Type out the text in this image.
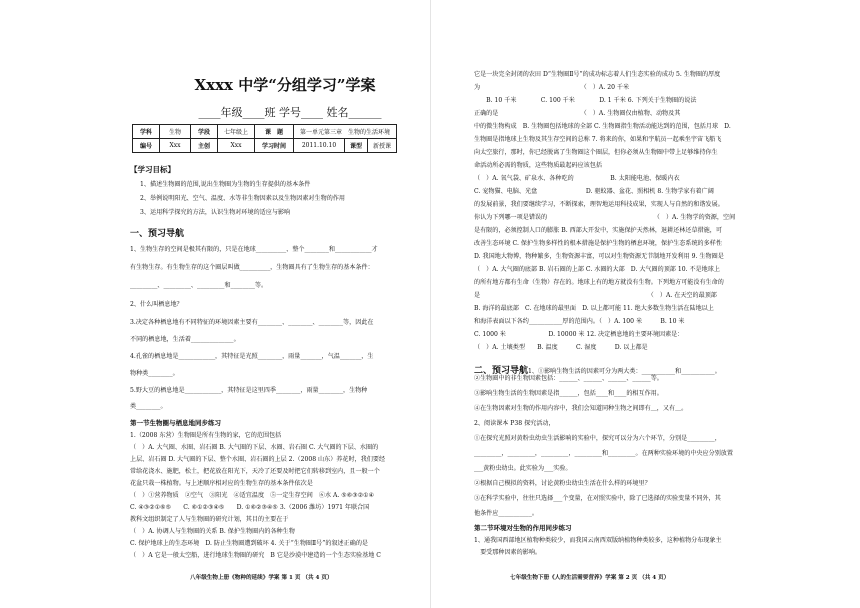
Xxxx 中学“分组学习”学案
____年级____班 学号____ 姓名______
学科	生物	学段	七年级上	课　题	第一单元第三章　生物的生活环境		
编号	Xxx	主创	Xxx	学习时间	2011.10.10	课型	新授课
【学习目标】
1、描述生物圈的范围,说出生物圈为生物的生存提供的基本条件
2、举例说明阳光、空气、温度、水等非生物因素以及生物因素对生物的作用
3、运用科学探究的方法，认识生物对环境的适应与影响
一、预习导航
1、生物生存的空间是极其有限的，只是在地球__________、整个________和____________才
有生物生存。有生物生存的这个圈层叫做__________，生物圈具有了生物生存的基本条件：
_________、_________、_________和________等。
2、什么叫栖息地？
3.决定各种栖息地有不同特征的环境因素主要有________、________、________等，因此在
不同的栖息地，生活着______________。
4.孔雀的栖息地是____________，其特征是光照________，雨量_______，气温_______，生
物种类________。
5.野大豆的栖息地是____________，其特征是这里四季________，雨量________，生物种
类________。
第一节生物圈与栖息地同步练习
1.（2008 东营）生物圈是所有生物的家，它的范围包括
（　）A. 大气圈、水圈、岩石圈 B. 大气圈的下层、水圈、岩石圈 C. 大气圈的下层、水圈的
上层、岩石圈 D. 大气圈的下层、整个水圈、岩石圈的上层 2.（2008 山东）养花时，我们要经
常给花浇水、施肥，松土，把花放在阳光下，天冷了还要及时把它们转移到室内，且一般一个
花盆只栽一株植物。与上述顺序相对应的生物生存的基本条件依次是
（　）①营养物质　②空气　③阳光　④适宜温度　⑤一定生存空间　⑥水 A. ⑤⑥③②①④
C. ④③②①⑥⑤　　C. ⑥①②③④⑤　　D. ①⑥②③④⑤ 3.（2006 潍坊）1971 年联合国
教科文组织制定了人与生物圈的研究计划，其目的主要在于
（　）A. 协调人与生物圈的关系 B. 保护生物圈内的各种生物
C. 保护地球上的生态环境　D. 防止生物圈遭到破坏 4. 关于“生物圈Ⅱ号”的叙述正确的是
（　）A 它是一般太空船，进行地球生物圈的研究　B 它是沙漠中建造的一个生态实验基地 C
八年级生物上册《物种的延续》学案 第 1 页 （共 4 页）
它是一块完全封闭的农田 D“生物圈Ⅱ号”的成功标志着人们生态实验的成功 5. 生物圈的厚度
为　　　　　　　　　　　　　　　　　（　）A. 20 千米
　　B. 10 千米　　　　C. 100 千米　　　　D. 1 千米 6. 下列关于生物圈的说法
正确的是　　　　　　　　　　　　　　（　）A. 生物圈仅由植物、动物及其
中的微生物构成　B. 生物圈包括地球的全部 C. 生物圈指生物活动能达到的范围，包括月球　D.
生物圈是指地球上生物及其生存空间的总称 7. 将来的你，如果和宇航员一起乘坐宇宙飞船飞
向太空旅行，那时，你已经脱离了生物圈这个圈层，但你必须从生物圈中带上足够维持你生
命活动所必需的物质，这些物质最起码应该包括
（　）A. 氧气袋、矿泉水、各种吃的　　　　　　B. 太阳能电池、保暖内衣
C. 宠物猫、电脑、光盘　　　　　　　　D. 驱蚊器、盆花、照相机 8. 生物学家有着广阔
的发展前景，我们要继续学习，不断探索，理智地运用科技成果，实现人与自然的和谐发展。
你认为下列哪一项是错误的　　　　　　　　　　　　　　　　　　（　）A. 生物学的资源，空间
是有限的，必须控制人口的膨胀 B. 西部大开发中，实施保护天然林，退耕还林还草措施，可
改善生态环境 C. 保护生物多样性的根本措施是保护生物的栖息环境，保护生态系统的多样性
D. 我国地大物博，物种繁多，生物资源丰富，可以对生物资源无节制地开发利用 9. 生物圈是
（　）A. 大气圈的底部 B. 岩石圈的上部 C. 水圈的大部　D. 大气圈的顶部 10. 不是地球上
的所有地方都有生命（生物）存在的。地球上有的地方就没有生物。下列地方可能没有生命的
是　　　　　　　　　　　　　　　　　　　　　　　　　　　　（　）A. 在天空的最顶部
B. 海洋的最底部　C. 在地球的最里面　D. 以上都可能 11. 绝大多数生物生活在陆地以上
和海洋表面以下各约___________厚的范围内。（　）A. 100 米　　　B. 10 米
C. 1000 米　　　　　　　D. 10000 米 12. 决定栖息地的主要环境因素是：
（　）A. 土壤类型　　B. 温度　　　C. 湿度　　　D. 以上都是
二、预习导航1、①影响生物生活的因素可分为两大类：___________和___________。
②生物圈中的非生物因素包括：______、______、______、______等。
③影响生物生活的生物因素是指______，包括____和____的相互作用。
④在生物因素对生物的作用内容中，我们会知道同种生物之间即有＿，又有＿。
2、阅读课本 P38 探究活动，
①在探究光照对黄粉虫幼虫生活影响的实验中，探究可以分为六个环节，分别是_________，
_________，_________，_________，_________和_________。在两种实验环境的中央应分别放置
___黄粉虫幼虫。此实验为___实验。
②根据自己模拟的资料，讨论黄粉虫幼虫生活在什么样的环境里？
③在科学实验中，往往只选择___个变量，在对照实验中，除了已选择的实验变量不同外，其
他条件应___________。
第二节环境对生物的作用同步练习
1、通我国西部地区植物种类较少，而我国云南西双版纳植物种类较多，这种植物分布现象主
　要受那种因素的影响。
七年级生物下册《人的生活需要营养》学案 第 2 页 （共 4 页）
